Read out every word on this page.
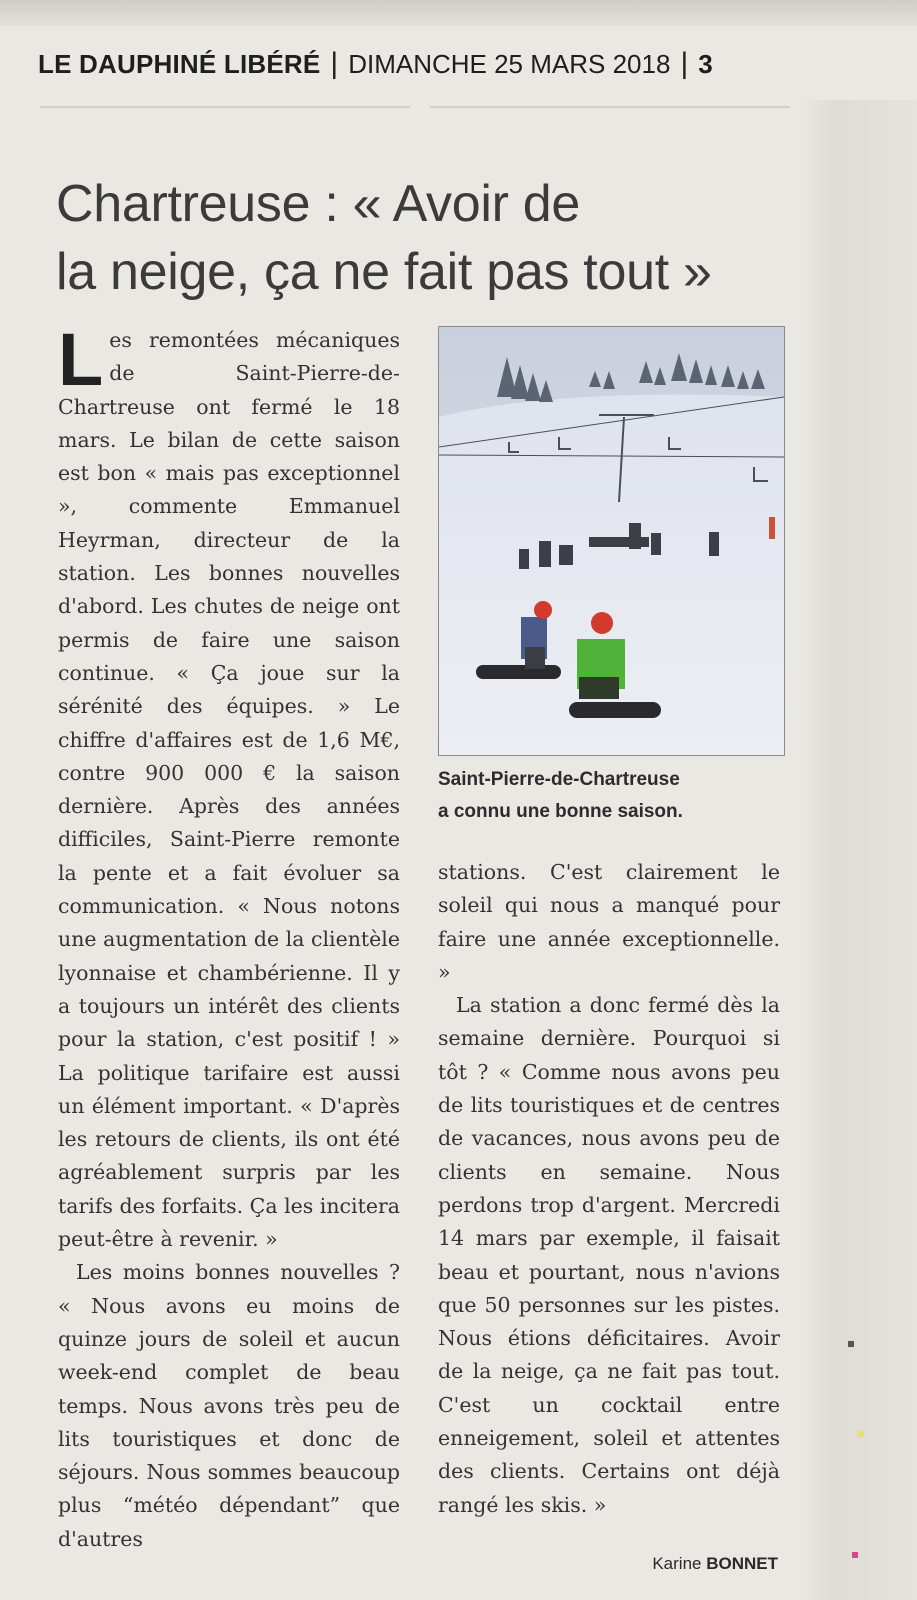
LE DAUPHINÉ LIBÉRÉ | DIMANCHE 25 MARS 2018 | 3
Chartreuse : « Avoir de
la neige, ça ne fait pas tout »

Les remontées mécaniques de Saint-Pierre-de-Chartreuse ont fermé le 18 mars. Le bilan de cette saison est bon « mais pas exceptionnel », commente Emmanuel Heyrman, directeur de la station. Les bonnes nouvelles d'abord. Les chutes de neige ont permis de faire une saison continue. « Ça joue sur la sérénité des équipes. » Le chiffre d'affaires est de 1,6 M€, contre 900 000 € la saison dernière. Après des années difficiles, Saint-Pierre remonte la pente et a fait évoluer sa communication. « Nous notons une augmentation de la clientèle lyonnaise et chambérienne. Il y a toujours un intérêt des clients pour la station, c'est positif ! » La politique tarifaire est aussi un élément important. « D'après les retours de clients, ils ont été agréablement surpris par les tarifs des forfaits. Ça les incitera peut-être à revenir. »

Les moins bonnes nouvelles ? « Nous avons eu moins de quinze jours de soleil et aucun week-end complet de beau temps. Nous avons très peu de lits touristiques et donc de séjours. Nous sommes beaucoup plus “météo dépendant” que d'autres

Saint-Pierre-de-Chartreuse
a connu une bonne saison.

stations. C'est clairement le soleil qui nous a manqué pour faire une année exceptionnelle. »

La station a donc fermé dès la semaine dernière. Pourquoi si tôt ? « Comme nous avons peu de lits touristiques et de centres de vacances, nous avons peu de clients en semaine. Nous perdons trop d'argent. Mercredi 14 mars par exemple, il faisait beau et pourtant, nous n'avions que 50 personnes sur les pistes. Nous étions déficitaires. Avoir de la neige, ça ne fait pas tout. C'est un cocktail entre enneigement, soleil et attentes des clients. Certains ont déjà rangé les skis. »

Karine BONNET
